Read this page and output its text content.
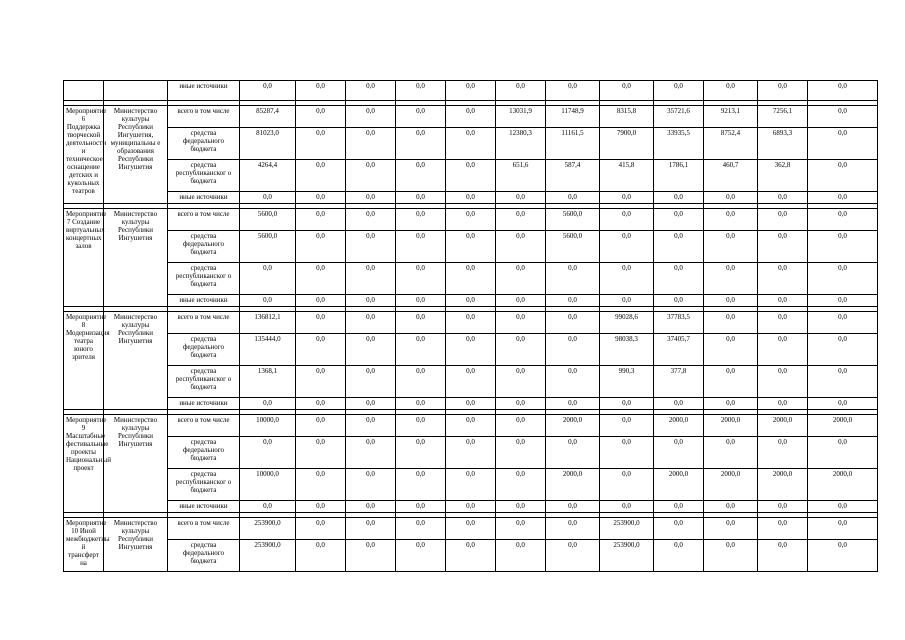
		иные источники	0,0	0,0	0,0	0,0	0,0	0,0	0,0	0,0	0,0	0,0	0,0	0,0

Мероприятие 6 Поддержка творческой деятельности и техническое оснащение детских и кукольных театров	Министерство культуры Республики Ингушетия, муниципальны е образования Республики Ингушетия	всего в том числе	85287,4	0,0	0,0	0,0	0,0	13031,9	11748,9	8315,8	35721,6	9213,1	7256,1	0,0
		средства федерального бюджета	81023,0	0,0	0,0	0,0	0,0	12380,3	11161,5	7900,0	33935,5	8752,4	6893,3	0,0
		средства республиканског о бюджета	4264,4	0,0	0,0	0,0	0,0	651,6	587,4	415,8	1786,1	460,7	362,8	0,0
		иные источники	0,0	0,0	0,0	0,0	0,0	0,0	0,0	0,0	0,0	0,0	0,0	0,0

Мероприятие 7 Создание виртуальных концертных залов	Министерство культуры Республики Ингушетия	всего в том числе	5600,0	0,0	0,0	0,0	0,0	0,0	5600,0	0,0	0,0	0,0	0,0	0,0
		средства федерального бюджета	5600,0	0,0	0,0	0,0	0,0	0,0	5600,0	0,0	0,0	0,0	0,0	0,0
		средства республиканског о бюджета	0,0	0,0	0,0	0,0	0,0	0,0	0,0	0,0	0,0	0,0	0,0	0,0
		иные источники	0,0	0,0	0,0	0,0	0,0	0,0	0,0	0,0	0,0	0,0	0,0	0,0

Мероприятие 8 Модернизация театра юного зрителя	Министерство культуры Республики Ингушетия	всего в том числе	136812,1	0,0	0,0	0,0	0,0	0,0	0,0	99028,6	37783,5	0,0	0,0	0,0
		средства федерального бюджета	135444,0	0,0	0,0	0,0	0,0	0,0	0,0	98038,3	37405,7	0,0	0,0	0,0
		средства республиканског о бюджета	1368,1	0,0	0,0	0,0	0,0	0,0	0,0	990,3	377,8	0,0	0,0	0,0
		иные источники	0,0	0,0	0,0	0,0	0,0	0,0	0,0	0,0	0,0	0,0	0,0	0,0

Мероприятие 9 Масштабные фестивальные проекты Национальный проект	Министерство культуры Республики Ингушетия	всего в том числе	10000,0	0,0	0,0	0,0	0,0	0,0	2000,0	0,0	2000,0	2000,0	2000,0	2000,0
		средства федерального бюджета	0,0	0,0	0,0	0,0	0,0	0,0	0,0	0,0	0,0	0,0	0,0	0,0
		средства республиканског о бюджета	10000,0	0,0	0,0	0,0	0,0	0,0	2000,0	0,0	2000,0	2000,0	2000,0	2000,0
		иные источники	0,0	0,0	0,0	0,0	0,0	0,0	0,0	0,0	0,0	0,0	0,0	0,0

Мероприятие 10 Иной межбюджетны й трансферт на	Министерство культуры Республики Ингушетия	всего в том числе	253900,0	0,0	0,0	0,0	0,0	0,0	0,0	253900,0	0,0	0,0	0,0	0,0
		средства федерального бюджета	253900,0	0,0	0,0	0,0	0,0	0,0	0,0	253900,0	0,0	0,0	0,0	0,0
